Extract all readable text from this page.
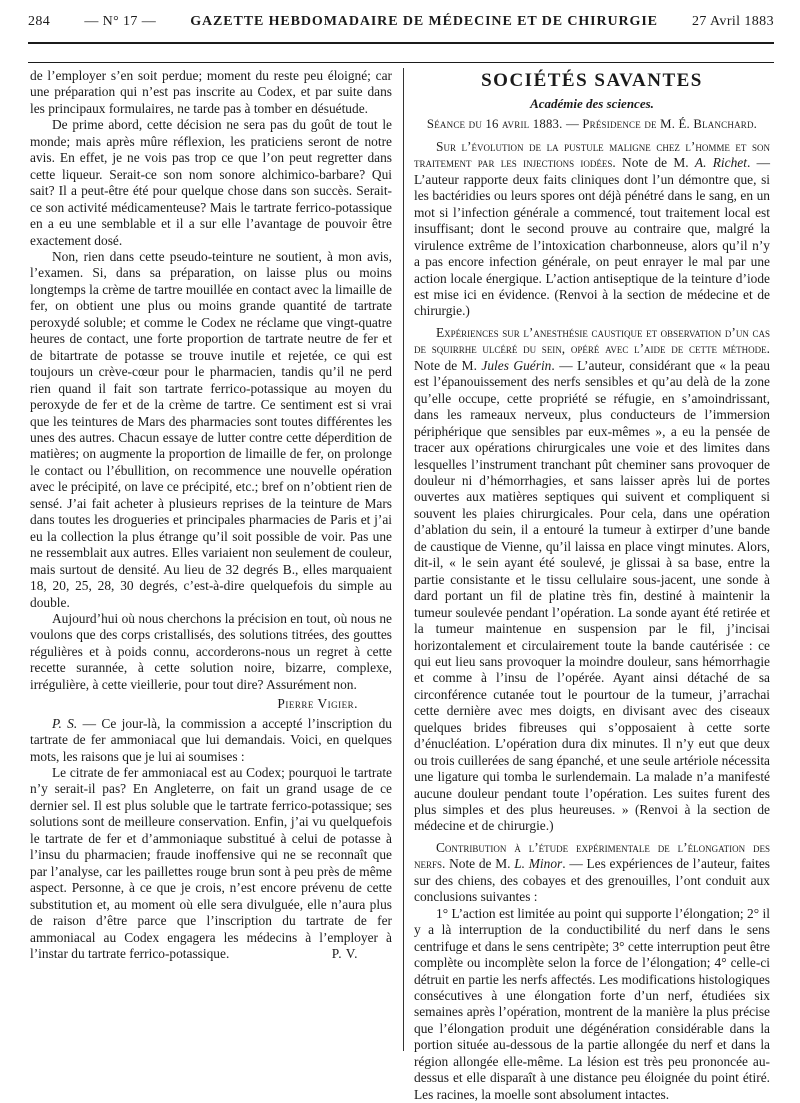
284 — N° 17 — GAZETTE HEBDOMADAIRE DE MÉDECINE ET DE CHIRURGIE 27 Avril 1883

de l’employer s’en soit perdue; moment du reste peu éloigné; car une préparation qui n’est pas inscrite au Codex, et par suite dans les principaux formulaires, ne tarde pas à tomber en désuétude.

De prime abord, cette décision ne sera pas du goût de tout le monde; mais après mûre réflexion, les praticiens seront de notre avis. En effet, je ne vois pas trop ce que l’on peut regretter dans cette liqueur. Serait-ce son nom sonore alchimico-barbare? Qui sait? Il a peut-être été pour quelque chose dans son succès. Serait-ce son activité médicamenteuse? Mais le tartrate ferrico-potassique en a eu une semblable et il a sur elle l’avantage de pouvoir être exactement dosé.

Non, rien dans cette pseudo-teinture ne soutient, à mon avis, l’examen. Si, dans sa préparation, on laisse plus ou moins longtemps la crème de tartre mouillée en contact avec la limaille de fer, on obtient une plus ou moins grande quantité de tartrate peroxydé soluble; et comme le Codex ne réclame que vingt-quatre heures de contact, une forte proportion de tartrate neutre de fer et de bitartrate de potasse se trouve inutile et rejetée, ce qui est toujours un crève-cœur pour le pharmacien, tandis qu’il ne perd rien quand il fait son tartrate ferrico-potassique au moyen du peroxyde de fer et de la crème de tartre. Ce sentiment est si vrai que les teintures de Mars des pharmacies sont toutes différentes les unes des autres. Chacun essaye de lutter contre cette déperdition de matières; on augmente la proportion de limaille de fer, on prolonge le contact ou l’ébullition, on recommence une nouvelle opération avec le précipité, on lave ce précipité, etc.; bref on n’obtient rien de sensé. J’ai fait acheter à plusieurs reprises de la teinture de Mars dans toutes les drogueries et principales pharmacies de Paris et j’ai eu la collection la plus étrange qu’il soit possible de voir. Pas une ne ressemblait aux autres. Elles variaient non seulement de couleur, mais surtout de densité. Au lieu de 32 degrés B., elles marquaient 18, 20, 25, 28, 30 degrés, c’est-à-dire quelquefois du simple au double.

Aujourd’hui où nous cherchons la précision en tout, où nous ne voulons que des corps cristallisés, des solutions titrées, des gouttes régulières et à poids connu, accorderons-nous un regret à cette recette surannée, à cette solution noire, bizarre, complexe, irrégulière, à cette vieillerie, pour tout dire? Assurément non.

Pierre Vigier.

P. S. — Ce jour-là, la commission a accepté l’inscription du tartrate de fer ammoniacal que lui demandais. Voici, en quelques mots, les raisons que je lui ai soumises :

Le citrate de fer ammoniacal est au Codex; pourquoi le tartrate n’y serait-il pas? En Angleterre, on fait un grand usage de ce dernier sel. Il est plus soluble que le tartrate ferrico-potassique; ses solutions sont de meilleure conservation. Enfin, j’ai vu quelquefois le tartrate de fer et d’ammoniaque substitué à celui de potasse à l’insu du pharmacien; fraude inoffensive qui ne se reconnaît que par l’analyse, car les paillettes rouge brun sont à peu près de même aspect. Personne, à ce que je crois, n’est encore prévenu de cette substitution et, au moment où elle sera divulguée, elle n’aura plus de raison d’être parce que l’inscription du tartrate de fer ammoniacal au Codex engagera les médecins à l’employer à l’instar du tartrate ferrico-potassique.	P. V.

SOCIÉTÉS SAVANTES

Académie des sciences.

Séance du 16 avril 1883. — Présidence de M. É. Blanchard.

Sur l’évolution de la pustule maligne chez l’homme et son traitement par les injections iodées. Note de M. A. Richet. — L’auteur rapporte deux faits cliniques dont l’un démontre que, si les bactéridies ou leurs spores ont déjà pénétré dans le sang, en un mot si l’infection générale a commencé, tout traitement local est insuffisant; dont le second prouve au contraire que, malgré la virulence extrême de l’intoxication charbonneuse, alors qu’il n’y a pas encore infection générale, on peut enrayer le mal par une action locale énergique. L’action antiseptique de la teinture d’iode est mise ici en évidence. (Renvoi à la section de médecine et de chirurgie.)

Expériences sur l’anesthésie caustique et observation d’un cas de squirrhe ulcéré du sein, opéré avec l’aide de cette méthode. Note de M. Jules Guérin. — L’auteur, considérant que « la peau est l’épanouissement des nerfs sensibles et qu’au delà de la zone qu’elle occupe, cette propriété se réfugie, en s’amoindrissant, dans les rameaux nerveux, plus conducteurs de l’immersion périphérique que sensibles par eux-mêmes », a eu la pensée de tracer aux opérations chirurgicales une voie et des limites dans lesquelles l’instrument tranchant pût cheminer sans provoquer de douleur ni d’hémorrhagies, et sans laisser après lui de portes ouvertes aux matières septiques qui suivent et compliquent si souvent les plaies chirurgicales. Pour cela, dans une opération d’ablation du sein, il a entouré la tumeur à extirper d’une bande de caustique de Vienne, qu’il laissa en place vingt minutes. Alors, dit-il, « le sein ayant été soulevé, je glissai à sa base, entre la partie consistante et le tissu cellulaire sous-jacent, une sonde à dard portant un fil de platine très fin, destiné à maintenir la tumeur soulevée pendant l’opération. La sonde ayant été retirée et la tumeur maintenue en suspension par le fil, j’incisai horizontalement et circulairement toute la bande cautérisée : ce qui eut lieu sans provoquer la moindre douleur, sans hémorrhagie et comme à l’insu de l’opérée. Ayant ainsi détaché de sa circonférence cutanée tout le pourtour de la tumeur, j’arrachai cette dernière avec mes doigts, en divisant avec des ciseaux quelques brides fibreuses qui s’opposaient à cette sorte d’énucléation. L’opération dura dix minutes. Il n’y eut que deux ou trois cuillerées de sang épanché, et une seule artériole nécessita une ligature qui tomba le surlendemain. La malade n’a manifesté aucune douleur pendant toute l’opération. Les suites furent des plus simples et des plus heureuses. » (Renvoi à la section de médecine et de chirurgie.)

Contribution à l’étude expérimentale de l’élongation des nerfs. Note de M. L. Minor. — Les expériences de l’auteur, faites sur des chiens, des cobayes et des grenouilles, l’ont conduit aux conclusions suivantes :

1° L’action est limitée au point qui supporte l’élongation; 2° il y a là interruption de la conductibilité du nerf dans le sens centrifuge et dans le sens centripète; 3° cette interruption peut être complète ou incomplète selon la force de l’élongation; 4° celle-ci détruit en partie les nerfs affectés. Les modifications histologiques consécutives à une élongation forte d’un nerf, étudiées six semaines après l’opération, montrent de la manière la plus précise que l’élongation produit une dégénération considérable dans la portion située au-dessous de la partie allongée du nerf et dans la région allongée elle-même. La lésion est très peu prononcée au-dessus et elle disparaît à une distance peu éloignée du point étiré. Les racines, la moelle sont absolument intactes.
